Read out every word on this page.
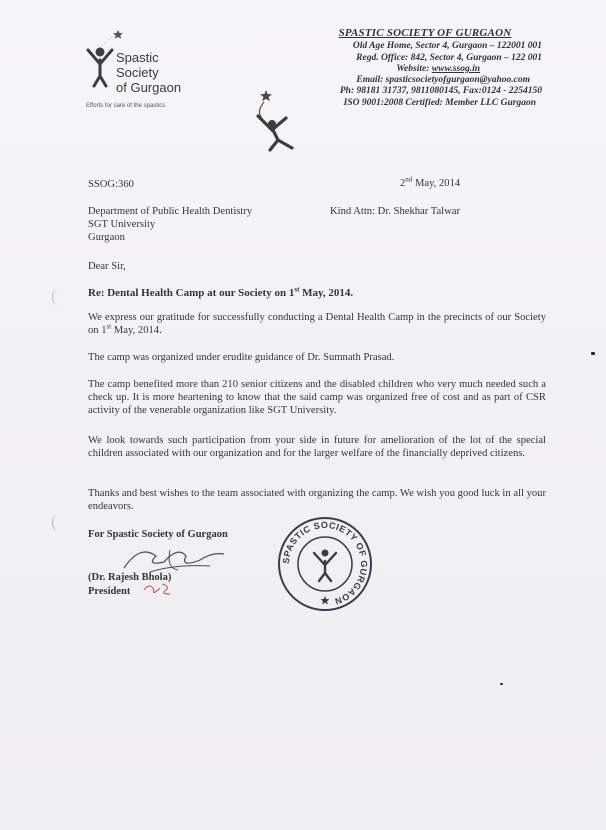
Spastic
Society
of Gurgaon
Efforts for care of the spastics
SPASTIC SOCIETY OF GURGAON
Old Age Home, Sector 4, Gurgaon – 122001 001
Regd. Office: 842, Sector 4, Gurgaon – 122 001
Website: www.ssog.in
Email: spasticsocietyofgurgaon@yahoo.com
Ph: 98181 31737, 9811080145, Fax:0124 - 2254150
ISO 9001:2008 Certified: Member LLC Gurgaon
SSOG:360	2nd May, 2014
Department of Public Health Dentistry
SGT University
Gurgaon
Kind Attn: Dr. Shekhar Talwar
Dear Sir,
Re: Dental Health Camp at our Society on 1st May, 2014.
We express our gratitude for successfully conducting a Dental Health Camp in the precincts of our Society on 1st May, 2014.
The camp was organized under erudite guidance of Dr. Sumnath Prasad.
The camp benefited more than 210 senior citizens and the disabled children who very much needed such a check up. It is more heartening to know that the said camp was organized free of cost and as part of CSR activity of the venerable organization like SGT University.
We look towards such participation from your side in future for amelioration of the lot of the special children associated with our organization and for the larger welfare of the financially deprived citizens.
Thanks and best wishes to the team associated with organizing the camp. We wish you good luck in all your endeavors.
For Spastic Society of Gurgaon
(Dr. Rajesh Bhola)
President
SPASTIC SOCIETY OF GURGAON
